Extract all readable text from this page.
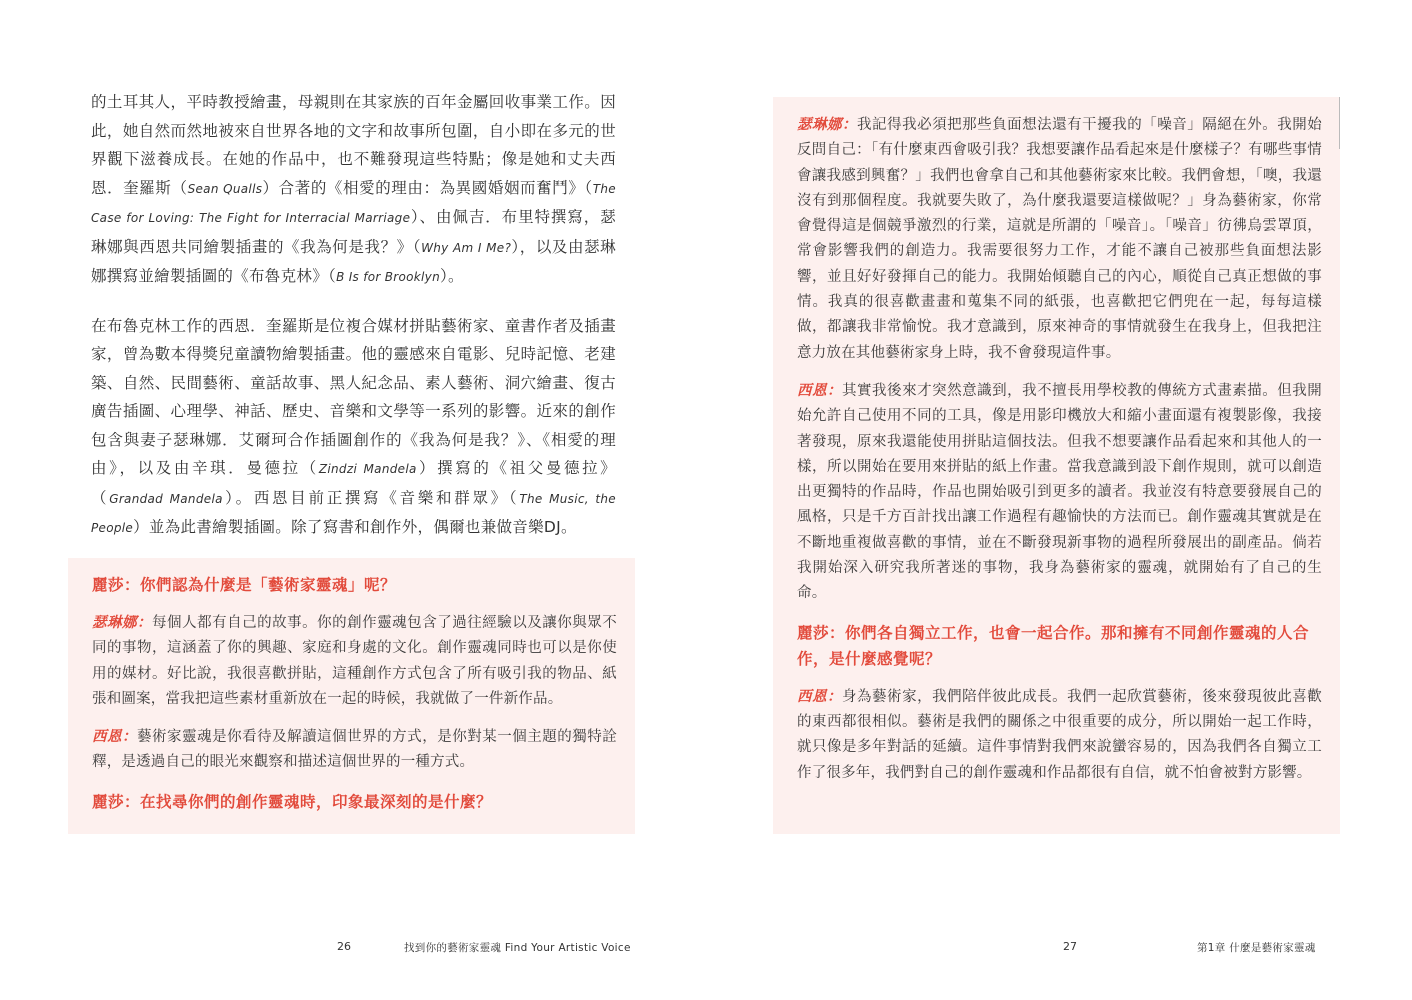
的土耳其人，平時教授繪畫，母親則在其家族的百年金屬回收事業工作。因此，她自然而然地被來自世界各地的文字和故事所包圍，自小即在多元的世界觀下滋養成長。在她的作品中，也不難發現這些特點；像是她和丈夫西恩．奎羅斯（Sean Qualls）合著的《相愛的理由：為異國婚姻而奮鬥》（The Case for Loving: The Fight for Interracial Marriage）、由佩吉．布里特撰寫，瑟琳娜與西恩共同繪製插畫的《我為何是我？》（Why Am I Me?），以及由瑟琳娜撰寫並繪製插圖的《布魯克林》（B Is for Brooklyn）。

在布魯克林工作的西恩．奎羅斯是位複合媒材拼貼藝術家、童書作者及插畫家，曾為數本得獎兒童讀物繪製插畫。他的靈感來自電影、兒時記憶、老建築、自然、民間藝術、童話故事、黑人紀念品、素人藝術、洞穴繪畫、復古廣告插圖、心理學、神話、歷史、音樂和文學等一系列的影響。近來的創作包含與妻子瑟琳娜．艾爾珂合作插圖創作的《我為何是我？》、《相愛的理由》，以及由辛琪．曼德拉（Zindzi Mandela）撰寫的《祖父曼德拉》（Grandad Mandela）。西恩目前正撰寫《音樂和群眾》（The Music, the People）並為此書繪製插圖。除了寫書和創作外，偶爾也兼做音樂DJ。

麗莎：你們認為什麼是「藝術家靈魂」呢？

瑟琳娜：每個人都有自己的故事。你的創作靈魂包含了過往經驗以及讓你與眾不同的事物，這涵蓋了你的興趣、家庭和身處的文化。創作靈魂同時也可以是你使用的媒材。好比說，我很喜歡拼貼，這種創作方式包含了所有吸引我的物品、紙張和圖案，當我把這些素材重新放在一起的時候，我就做了一件新作品。

西恩：藝術家靈魂是你看待及解讀這個世界的方式，是你對某一個主題的獨特詮釋，是透過自己的眼光來觀察和描述這個世界的一種方式。

麗莎：在找尋你們的創作靈魂時，印象最深刻的是什麼？

26	找到你的藝術家靈魂 Find Your Artistic Voice

瑟琳娜：我記得我必須把那些負面想法還有干擾我的「噪音」隔絕在外。我開始反問自己：「有什麼東西會吸引我？我想要讓作品看起來是什麼樣子？有哪些事情會讓我感到興奮？」我們也會拿自己和其他藝術家來比較。我們會想，「噢，我還沒有到那個程度。我就要失敗了，為什麼我還要這樣做呢？」身為藝術家，你常會覺得這是個競爭激烈的行業，這就是所謂的「噪音」。「噪音」彷彿烏雲罩頂，常會影響我們的創造力。我需要很努力工作，才能不讓自己被那些負面想法影響，並且好好發揮自己的能力。我開始傾聽自己的內心，順從自己真正想做的事情。我真的很喜歡畫畫和蒐集不同的紙張，也喜歡把它們兜在一起，每每這樣做，都讓我非常愉悅。我才意識到，原來神奇的事情就發生在我身上，但我把注意力放在其他藝術家身上時，我不會發現這件事。

西恩：其實我後來才突然意識到，我不擅長用學校教的傳統方式畫素描。但我開始允許自己使用不同的工具，像是用影印機放大和縮小畫面還有複製影像，我接著發現，原來我還能使用拼貼這個技法。但我不想要讓作品看起來和其他人的一樣，所以開始在要用來拼貼的紙上作畫。當我意識到設下創作規則，就可以創造出更獨特的作品時，作品也開始吸引到更多的讀者。我並沒有特意要發展自己的風格，只是千方百計找出讓工作過程有趣愉快的方法而已。創作靈魂其實就是在不斷地重複做喜歡的事情，並在不斷發現新事物的過程所發展出的副產品。倘若我開始深入研究我所著迷的事物，我身為藝術家的靈魂，就開始有了自己的生命。

麗莎：你們各自獨立工作，也會一起合作。那和擁有不同創作靈魂的人合作，是什麼感覺呢？

西恩：身為藝術家，我們陪伴彼此成長。我們一起欣賞藝術，後來發現彼此喜歡的東西都很相似。藝術是我們的關係之中很重要的成分，所以開始一起工作時，就只像是多年對話的延續。這件事情對我們來說蠻容易的，因為我們各自獨立工作了很多年，我們對自己的創作靈魂和作品都很有自信，就不怕會被對方影響。

27	第1章 什麼是藝術家靈魂
